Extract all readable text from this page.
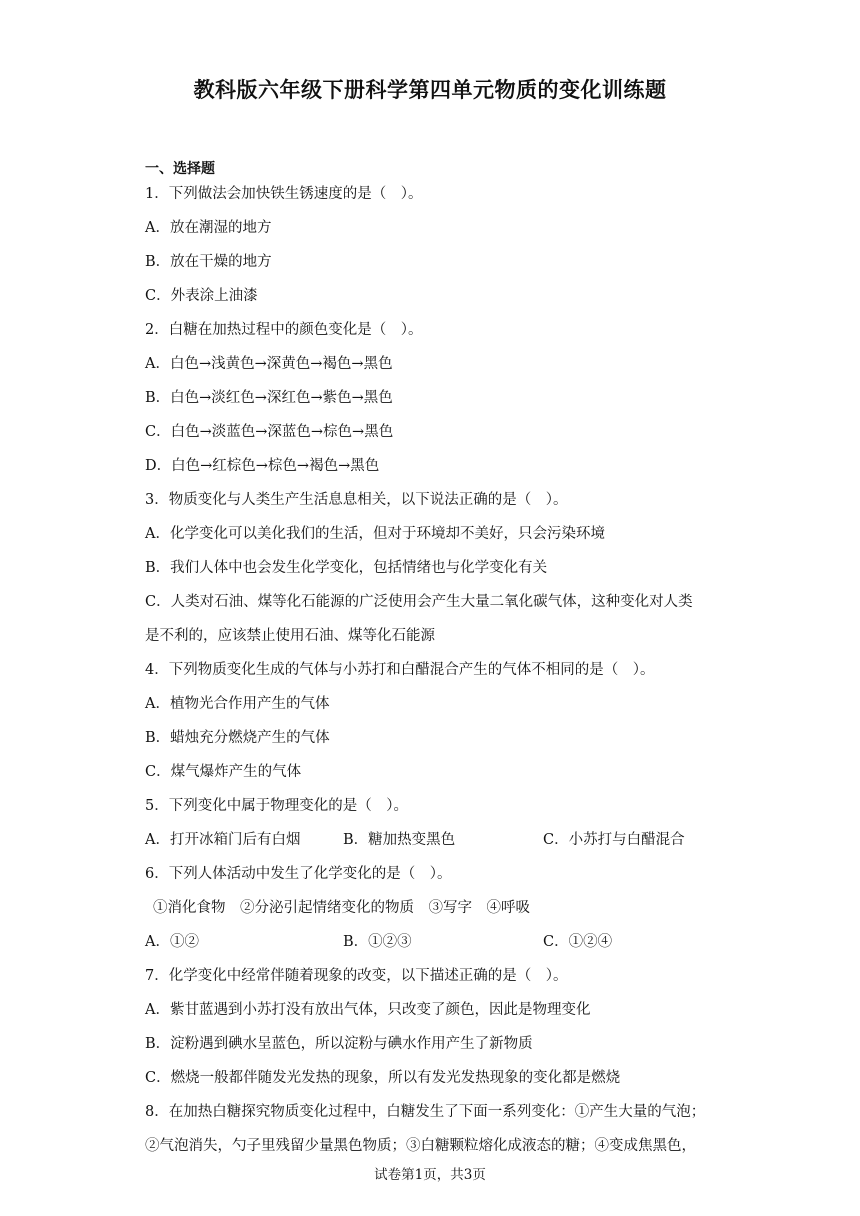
教科版六年级下册科学第四单元物质的变化训练题
一、选择题
1．下列做法会加快铁生锈速度的是（　）。
A．放在潮湿的地方
B．放在干燥的地方
C．外表涂上油漆
2．白糖在加热过程中的颜色变化是（　）。
A．白色→浅黄色→深黄色→褐色→黑色
B．白色→淡红色→深红色→紫色→黑色
C．白色→淡蓝色→深蓝色→棕色→黑色
D．白色→红棕色→棕色→褐色→黑色
3．物质变化与人类生产生活息息相关，以下说法正确的是（　）。
A．化学变化可以美化我们的生活，但对于环境却不美好，只会污染环境
B．我们人体中也会发生化学变化，包括情绪也与化学变化有关
C．人类对石油、煤等化石能源的广泛使用会产生大量二氧化碳气体，这种变化对人类
是不利的，应该禁止使用石油、煤等化石能源
4．下列物质变化生成的气体与小苏打和白醋混合产生的气体不相同的是（　）。
A．植物光合作用产生的气体
B．蜡烛充分燃烧产生的气体
C．煤气爆炸产生的气体
5．下列变化中属于物理变化的是（　）。
A．打开冰箱门后有白烟	B．糖加热变黑色	C．小苏打与白醋混合
6．下列人体活动中发生了化学变化的是（　）。
①消化食物　②分泌引起情绪变化的物质　③写字　④呼吸
A．①②	B．①②③	C．①②④
7．化学变化中经常伴随着现象的改变，以下描述正确的是（　）。
A．紫甘蓝遇到小苏打没有放出气体，只改变了颜色，因此是物理变化
B．淀粉遇到碘水呈蓝色，所以淀粉与碘水作用产生了新物质
C．燃烧一般都伴随发光发热的现象，所以有发光发热现象的变化都是燃烧
8．在加热白糖探究物质变化过程中，白糖发生了下面一系列变化：①产生大量的气泡；
②气泡消失，勺子里残留少量黑色物质；③白糖颗粒熔化成液态的糖；④变成焦黑色，
试卷第1页，共3页
